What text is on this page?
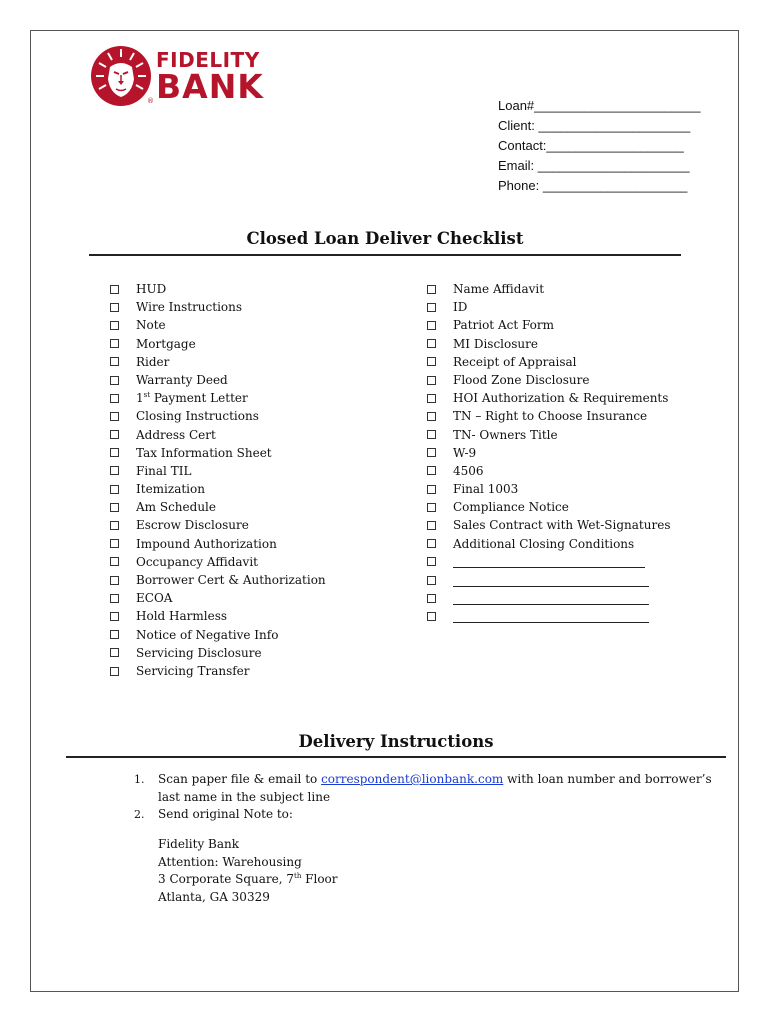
FIDELITY
BANK
®	Loan#_______________________
Client: _____________________
Contact:___________________
Email: _____________________
Phone: ____________________
Closed Loan Deliver Checklist
HUD
Wire Instructions
Note
Mortgage
Rider
Warranty Deed
1st Payment Letter
Closing Instructions
Address Cert
Tax Information Sheet
Final TIL
Itemization
Am Schedule
Escrow Disclosure
Impound Authorization
Occupancy Affidavit
Borrower Cert & Authorization
ECOA
Hold Harmless
Notice of Negative Info
Servicing Disclosure
Servicing Transfer
Name Affidavit
ID
Patriot Act Form
MI Disclosure
Receipt of Appraisal
Flood Zone Disclosure
HOI Authorization & Requirements
TN – Right to Choose Insurance
TN- Owners Title
W-9
4506
Final 1003
Compliance Notice
Sales Contract with Wet-Signatures
Additional Closing Conditions
Delivery Instructions
1.	Scan paper file & email to correspondent@lionbank.com with loan number and borrower’s last name in the subject line
2.	Send original Note to:
Fidelity Bank
Attention: Warehousing
3 Corporate Square, 7th Floor
Atlanta, GA 30329
